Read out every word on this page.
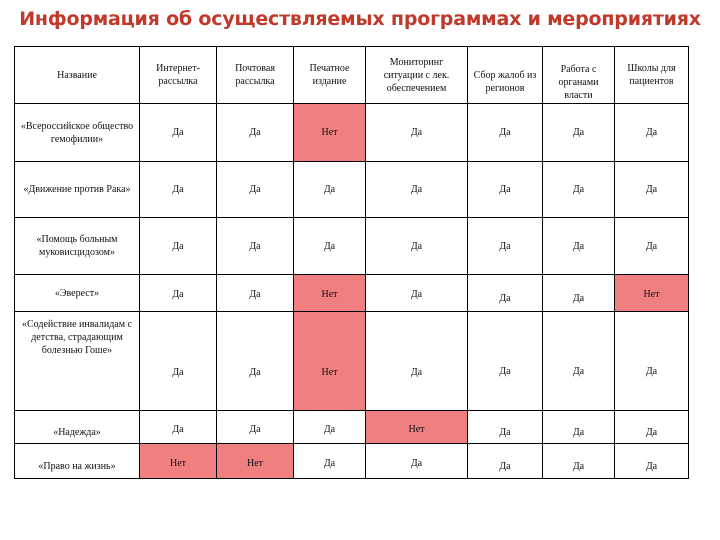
Информация об осуществляемых программах и мероприятиях
Название	Интернет-рассылка	Почтовая рассылка	Печатное издание	Мониторинг ситуации с лек. обеспечением	Сбор жалоб из регионов	Работа с органами власти	Школы для пациентов
«Всероссийское общество гемофилии»	Да	Да	Нет	Да	Да	Да	Да
«Движение против Рака»	Да	Да	Да	Да	Да	Да	Да
«Помощь больным муковисцидозом»	Да	Да	Да	Да	Да	Да	Да
«Эверест»	Да	Да	Нет	Да	Да	Да	Нет
«Содействие инвалидам с детства, страдающим болезнью Гоше»	Да	Да	Нет	Да	Да	Да	Да
«Надежда»	Да	Да	Да	Нет	Да	Да	Да
«Право на жизнь»	Нет	Нет	Да	Да	Да	Да	Да
